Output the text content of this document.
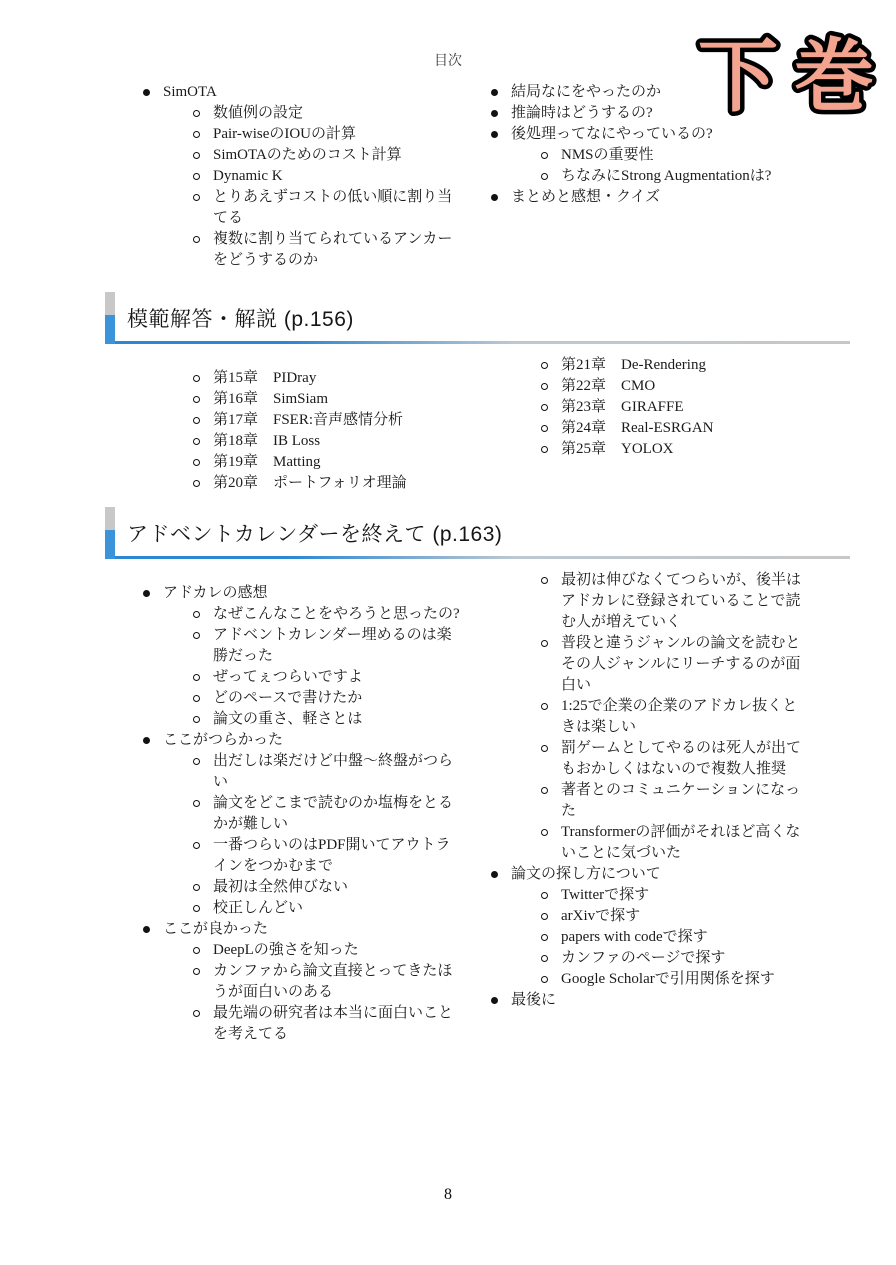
目次	下 巻
SimOTA
数値例の設定
Pair-wiseのIOUの計算
SimOTAのためのコスト計算
Dynamic K
とりあえずコストの低い順に割り当てる
複数に割り当てられているアンカーをどうするのか
結局なにをやったのか
推論時はどうするの?
後処理ってなにやっているの?
NMSの重要性
ちなみにStrong Augmentationは?
まとめと感想・クイズ
模範解答・解説 (p.156)
第15章　PIDray
第16章　SimSiam
第17章　FSER:音声感情分析
第18章　IB Loss
第19章　Matting
第20章　ポートフォリオ理論
第21章　De-Rendering
第22章　CMO
第23章　GIRAFFE
第24章　Real-ESRGAN
第25章　YOLOX
アドベントカレンダーを終えて (p.163)
アドカレの感想
なぜこんなことをやろうと思ったの?
アドベントカレンダー埋めるのは楽勝だった
ぜってぇつらいですよ
どのペースで書けたか
論文の重さ、軽さとは
ここがつらかった
出だしは楽だけど中盤〜終盤がつらい
論文をどこまで読むのか塩梅をとるかが難しい
一番つらいのはPDF開いてアウトラインをつかむまで
最初は全然伸びない
校正しんどい
ここが良かった
DeepLの強さを知った
カンファから論文直接とってきたほうが面白いのある
最先端の研究者は本当に面白いことを考えてる
最初は伸びなくてつらいが、後半はアドカレに登録されていることで読む人が増えていく
普段と違うジャンルの論文を読むとその人ジャンルにリーチするのが面白い
1:25で企業の企業のアドカレ抜くときは楽しい
罰ゲームとしてやるのは死人が出てもおかしくはないので複数人推奨
著者とのコミュニケーションになった
Transformerの評価がそれほど高くないことに気づいた
論文の探し方について
Twitterで探す
arXivで探す
papers with codeで探す
カンファのページで探す
Google Scholarで引用関係を探す
最後に
8
